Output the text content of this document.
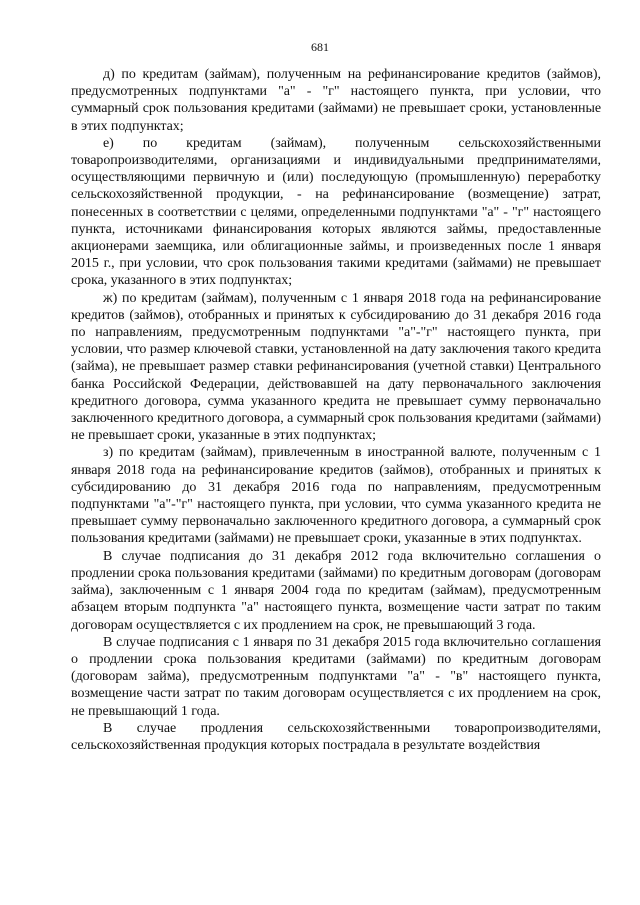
681

д) по кредитам (займам), полученным на рефинансирование кредитов (займов), предусмотренных подпунктами "а" - "г" настоящего пункта, при условии, что суммарный срок пользования кредитами (займами) не превышает сроки, установленные в этих подпунктах;

е) по кредитам (займам), полученным сельскохозяйственными товаропроизводителями, организациями и индивидуальными предпринимателями, осуществляющими первичную и (или) последующую (промышленную) переработку сельскохозяйственной продукции, - на рефинансирование (возмещение) затрат, понесенных в соответствии с целями, определенными подпунктами "а" - "г" настоящего пункта, источниками финансирования которых являются займы, предоставленные акционерами заемщика, или облигационные займы, и произведенных после 1 января 2015 г., при условии, что срок пользования такими кредитами (займами) не превышает срока, указанного в этих подпунктах;

ж) по кредитам (займам), полученным с 1 января 2018 года на рефинансирование кредитов (займов), отобранных и принятых к субсидированию до 31 декабря 2016 года по направлениям, предусмотренным подпунктами "а"-"г" настоящего пункта, при условии, что размер ключевой ставки, установленной на дату заключения такого кредита (займа), не превышает размер ставки рефинансирования (учетной ставки) Центрального банка Российской Федерации, действовавшей на дату первоначального заключения кредитного договора, сумма указанного кредита не превышает сумму первоначально заключенного кредитного договора, а суммарный срок пользования кредитами (займами) не превышает сроки, указанные в этих подпунктах;

з) по кредитам (займам), привлеченным в иностранной валюте, полученным с 1 января 2018 года на рефинансирование кредитов (займов), отобранных и принятых к субсидированию до 31 декабря 2016 года по направлениям, предусмотренным подпунктами "а"-"г" настоящего пункта, при условии, что сумма указанного кредита не превышает сумму первоначально заключенного кредитного договора, а суммарный срок пользования кредитами (займами) не превышает сроки, указанные в этих подпунктах.

В случае подписания до 31 декабря 2012 года включительно соглашения о продлении срока пользования кредитами (займами) по кредитным договорам (договорам займа), заключенным с 1 января 2004 года по кредитам (займам), предусмотренным абзацем вторым подпункта "а" настоящего пункта, возмещение части затрат по таким договорам осуществляется с их продлением на срок, не превышающий 3 года.

В случае подписания с 1 января по 31 декабря 2015 года включительно соглашения о продлении срока пользования кредитами (займами) по кредитным договорам (договорам займа), предусмотренным подпунктами "а" - "в" настоящего пункта, возмещение части затрат по таким договорам осуществляется с их продлением на срок, не превышающий 1 года.

В случае продления сельскохозяйственными товаропроизводителями, сельскохозяйственная продукция которых пострадала в результате воздействия
